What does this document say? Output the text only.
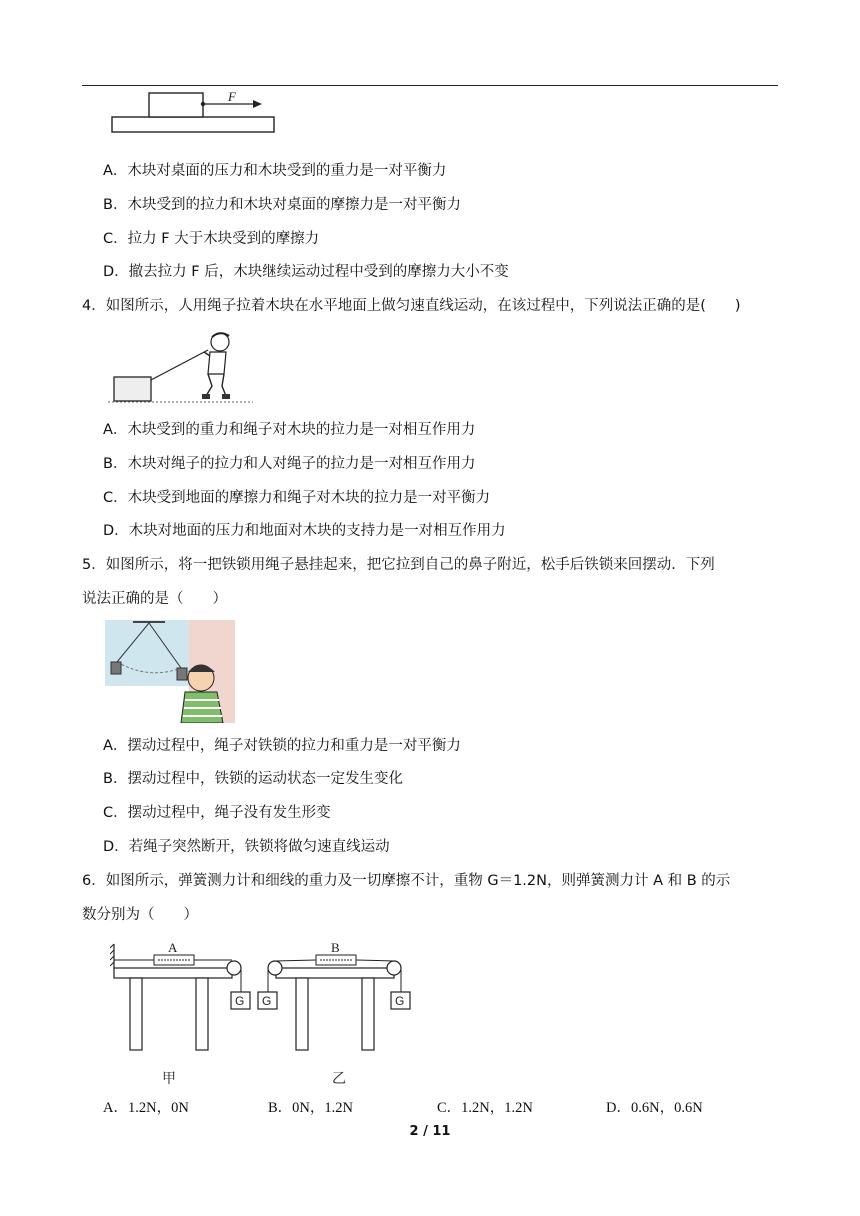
F
A．木块对桌面的压力和木块受到的重力是一对平衡力
B．木块受到的拉力和木块对桌面的摩擦力是一对平衡力
C．拉力 F 大于木块受到的摩擦力
D．撤去拉力 F 后，木块继续运动过程中受到的摩擦力大小不变
4．如图所示，人用绳子拉着木块在水平地面上做匀速直线运动，在该过程中，下列说法正确的是(　　)
A．木块受到的重力和绳子对木块的拉力是一对相互作用力
B．木块对绳子的拉力和人对绳子的拉力是一对相互作用力
C．木块受到地面的摩擦力和绳子对木块的拉力是一对平衡力
D．木块对地面的压力和地面对木块的支持力是一对相互作用力
5．如图所示，将一把铁锁用绳子悬挂起来，把它拉到自己的鼻子附近，松手后铁锁来回摆动．下列
说法正确的是（　　）
A．摆动过程中，绳子对铁锁的拉力和重力是一对平衡力
B．摆动过程中，铁锁的运动状态一定发生变化
C．摆动过程中，绳子没有发生形变
D．若绳子突然断开，铁锁将做匀速直线运动
6．如图所示，弹簧测力计和细线的重力及一切摩擦不计，重物 G＝1.2N，则弹簧测力计 A 和 B 的示
数分别为（　　）
G
A
甲
G	G
B
乙
A．1.2N，0N	B．0N，1.2N	C．1.2N，1.2N	D．0.6N，0.6N
2 / 11
